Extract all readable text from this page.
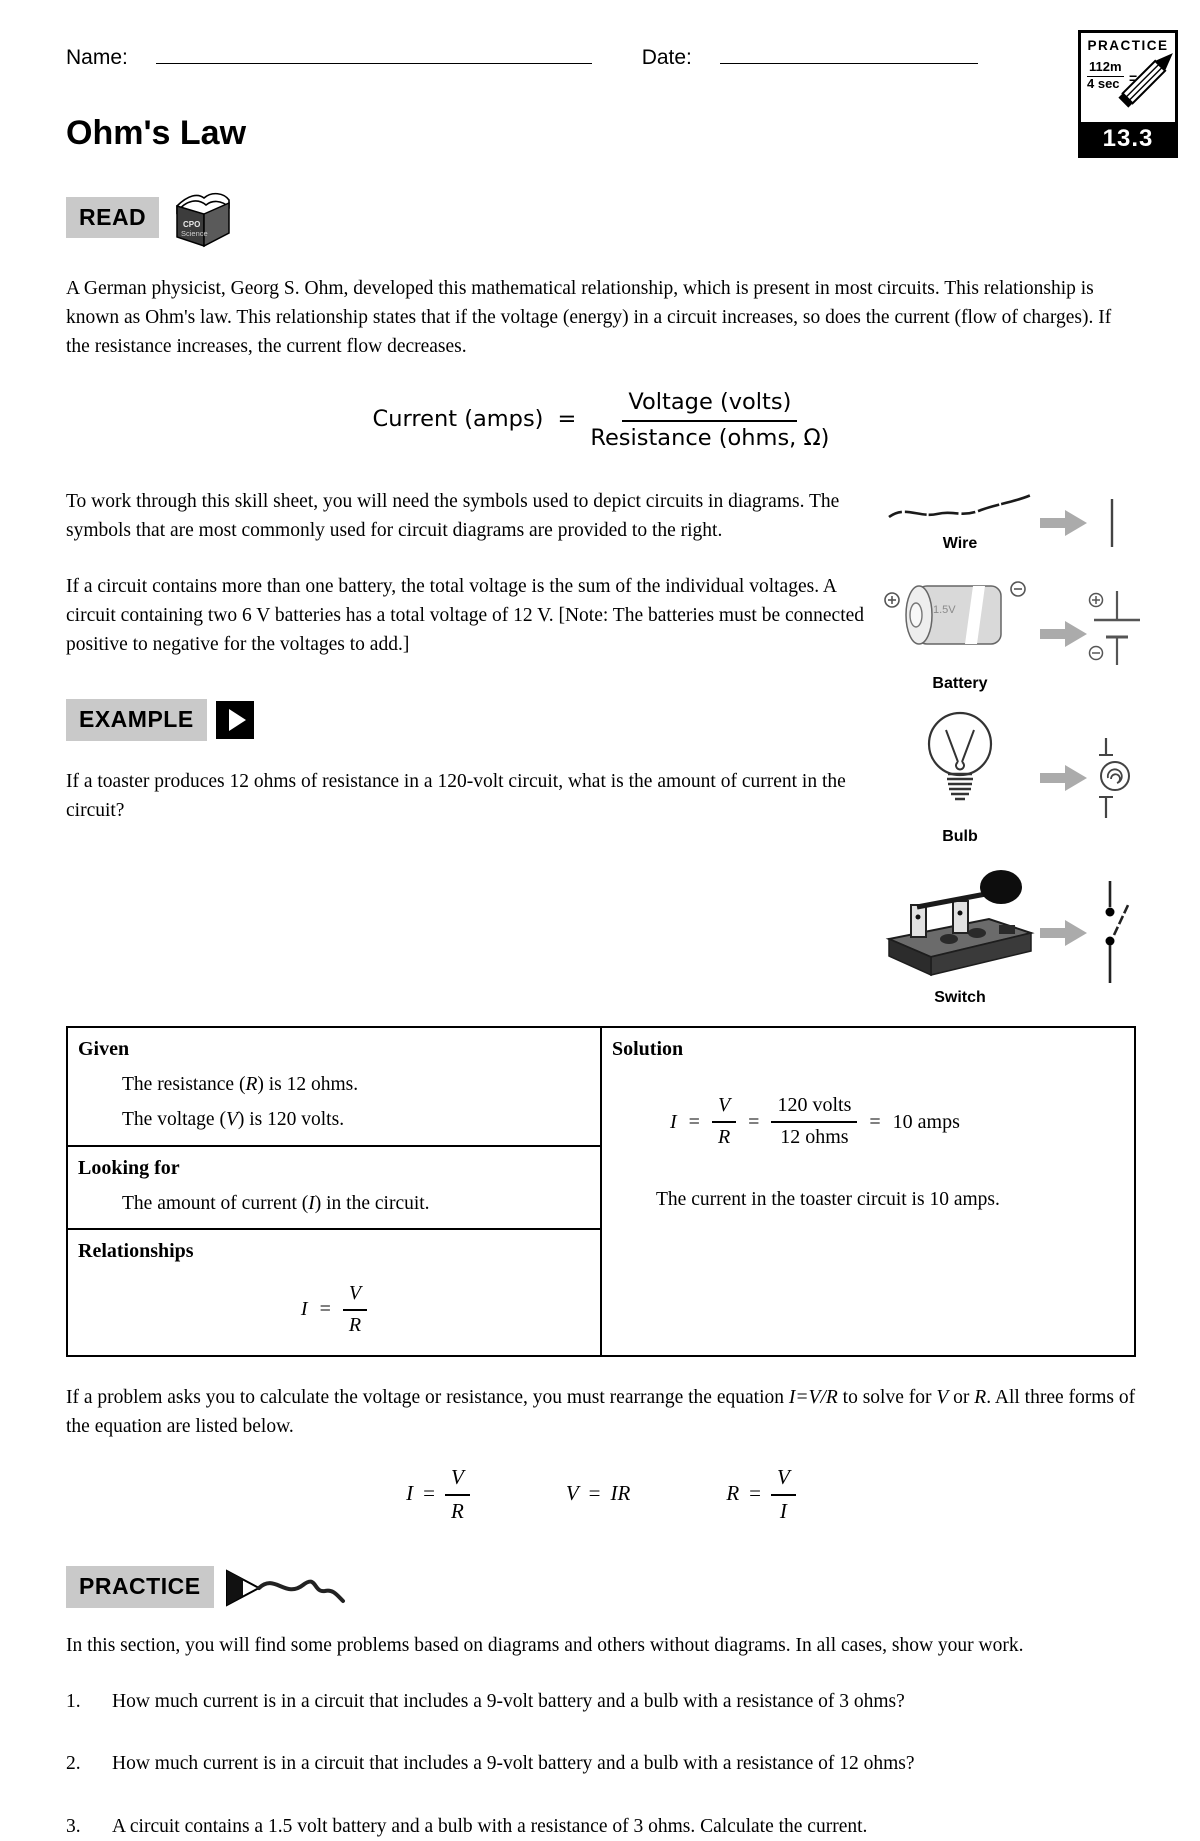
Name:	Date:
PRACTICE
112m
4 sec =
13.3
Ohm's Law
READ	CPO
Science

A German physicist, Georg S. Ohm, developed this mathematical relationship, which is present in most circuits. This relationship is known as Ohm's law. This relationship states that if the voltage (energy) in a circuit increases, so does the current (flow of charges). If the resistance increases, the current flow decreases.

Current (amps) = $\frac{\text{Voltage (volts)}}{\text{Resistance (ohms, Ω)}}$
Wire
1.5V
Battery
Bulb
Switch

To work through this skill sheet, you will need the symbols used to depict circuits in diagrams. The symbols that are most commonly used for circuit diagrams are provided to the right.

If a circuit contains more than one battery, the total voltage is the sum of the individual voltages. A circuit containing two 6 V batteries has a total voltage of 12 V. [Note: The batteries must be connected positive to negative for the voltages to add.]

EXAMPLE

If a toaster produces 12 ohms of resistance in a 120-volt circuit, what is the amount of current in the circuit?

Given
The resistance (R) is 12 ohms.
The voltage (V) is 120 volts.

Solution
$I = \frac{V}{R} = \frac{\text{120 volts}}{\text{12 ohms}} = 10$ amps
The current in the toaster circuit is 10 amps.

Looking for
The amount of current (I) in the circuit.

Relationships
$I = \frac{V}{R}$

If a problem asks you to calculate the voltage or resistance, you must rearrange the equation I=V/R to solve for V or R. All three forms of the equation are listed below.

$I = \frac{V}{R}$	V = IR	$R = \frac{V}{I}$
PRACTICE

In this section, you will find some problems based on diagrams and others without diagrams. In all cases, show your work.

1.	How much current is in a circuit that includes a 9-volt battery and a bulb with a resistance of 3 ohms?
2.	How much current is in a circuit that includes a 9-volt battery and a bulb with a resistance of 12 ohms?
3.	A circuit contains a 1.5 volt battery and a bulb with a resistance of 3 ohms. Calculate the current.
